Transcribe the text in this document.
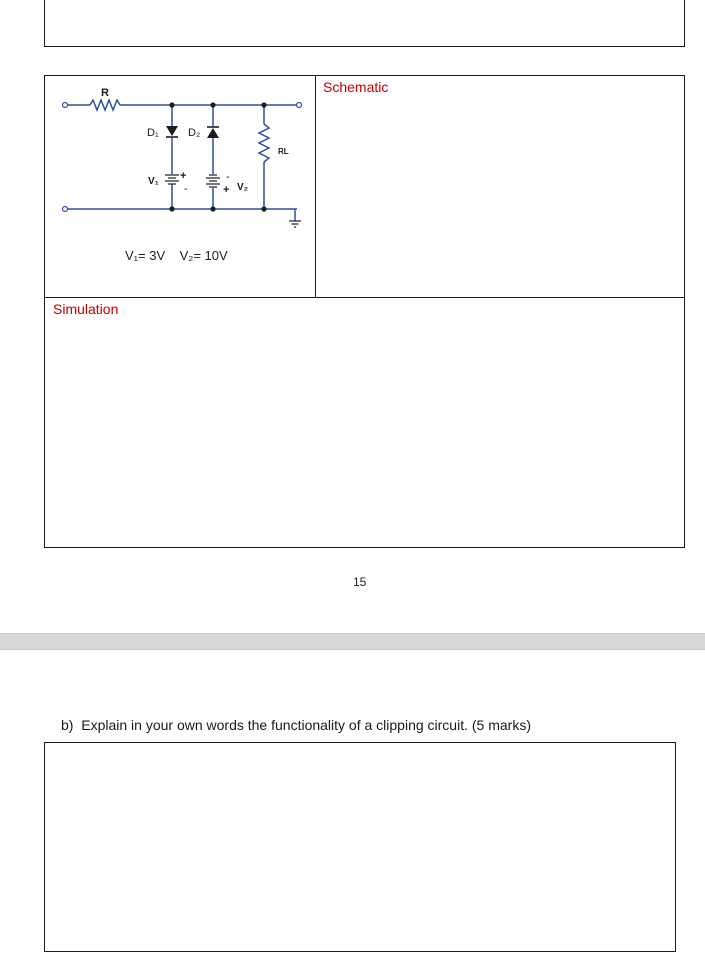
R
D₁	D₂
RL
V₁ +
-
-
+ V₂
V₁= 3V    V₂= 10V
Schematic
Simulation
15
b)  Explain in your own words the functionality of a clipping circuit. (5 marks)
